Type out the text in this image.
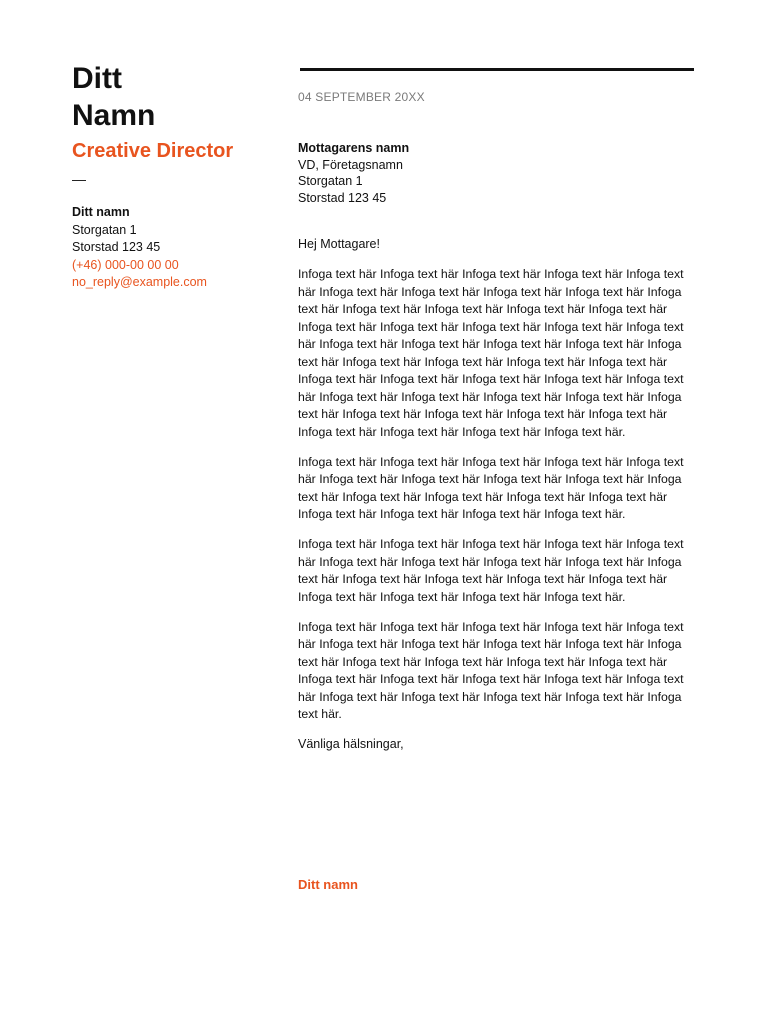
Ditt
Namn
Creative Director
—
Ditt namn
Storgatan 1
Storstad 123 45
(+46) 000-00 00 00
no_reply@example.com
04 SEPTEMBER 20XX
Mottagarens namn
VD, Företagsnamn
Storgatan 1
Storstad 123 45
Hej Mottagare!

Infoga text här Infoga text här Infoga text här Infoga text här Infoga text här Infoga text här Infoga text här Infoga text här Infoga text här Infoga text här Infoga text här Infoga text här Infoga text här Infoga text här Infoga text här Infoga text här Infoga text här Infoga text här Infoga text här Infoga text här Infoga text här Infoga text här Infoga text här Infoga text här Infoga text här Infoga text här Infoga text här Infoga text här Infoga text här Infoga text här Infoga text här Infoga text här Infoga text här Infoga text här Infoga text här Infoga text här Infoga text här Infoga text här Infoga text här Infoga text här Infoga text här Infoga text här Infoga text här Infoga text här Infoga text här Infoga text här.

Infoga text här Infoga text här Infoga text här Infoga text här Infoga text här Infoga text här Infoga text här Infoga text här Infoga text här Infoga text här Infoga text här Infoga text här Infoga text här Infoga text här Infoga text här Infoga text här Infoga text här Infoga text här.

Infoga text här Infoga text här Infoga text här Infoga text här Infoga text här Infoga text här Infoga text här Infoga text här Infoga text här Infoga text här Infoga text här Infoga text här Infoga text här Infoga text här Infoga text här Infoga text här Infoga text här Infoga text här.

Infoga text här Infoga text här Infoga text här Infoga text här Infoga text här Infoga text här Infoga text här Infoga text här Infoga text här Infoga text här Infoga text här Infoga text här Infoga text här Infoga text här Infoga text här Infoga text här Infoga text här Infoga text här Infoga text här Infoga text här Infoga text här Infoga text här Infoga text här Infoga text här.

Vänliga hälsningar,

Ditt namn
